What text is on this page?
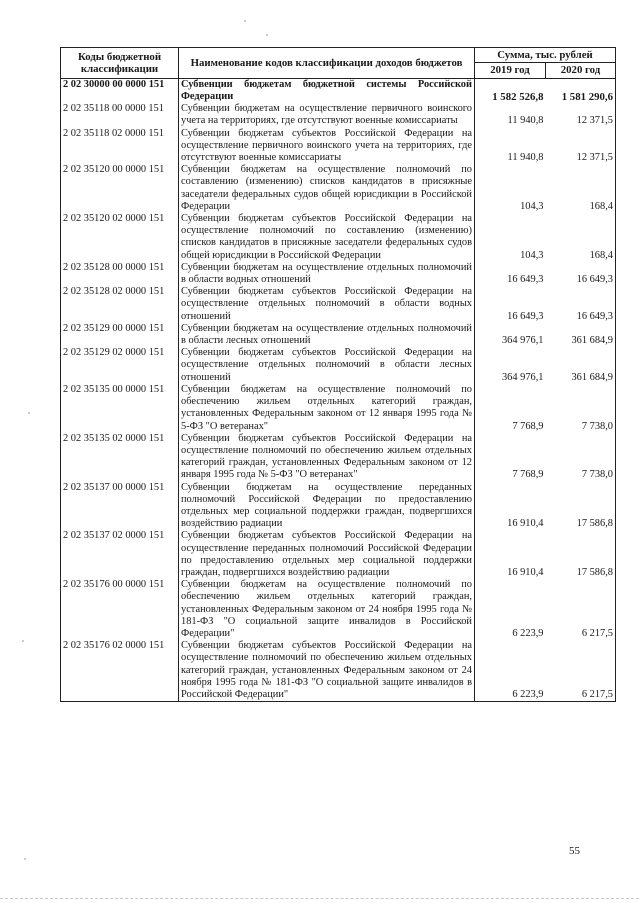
Коды бюджетной классификации	Наименование кодов классификации доходов бюджетов	Сумма, тыс. рублей	
		2019 год	2020 год
2 02 30000 00 0000 151	Субвенции бюджетам бюджетной системы Российской Федерации	1 582 526,8	1 581 290,6
2 02 35118 00 0000 151	Субвенции бюджетам на осуществление первичного воинского учета на территориях, где отсутствуют военные комиссариаты	11 940,8	12 371,5
2 02 35118 02 0000 151	Субвенции бюджетам субъектов Российской Федерации на осуществление первичного воинского учета на территориях, где отсутствуют военные комиссариаты	11 940,8	12 371,5
2 02 35120 00 0000 151	Субвенции бюджетам на осуществление полномочий по составлению (изменению) списков кандидатов в присяжные заседатели федеральных судов общей юрисдикции в Российской Федерации	104,3	168,4
2 02 35120 02 0000 151	Субвенции бюджетам субъектов Российской Федерации на осуществление полномочий по составлению (изменению) списков кандидатов в присяжные заседатели федеральных судов общей юрисдикции в Российской Федерации	104,3	168,4
2 02 35128 00 0000 151	Субвенции бюджетам на осуществление отдельных полномочий в области водных отношений	16 649,3	16 649,3
2 02 35128 02 0000 151	Субвенции бюджетам субъектов Российской Федерации на осуществление отдельных полномочий в области водных отношений	16 649,3	16 649,3
2 02 35129 00 0000 151	Субвенции бюджетам на осуществление отдельных полномочий в области лесных отношений	364 976,1	361 684,9
2 02 35129 02 0000 151	Субвенции бюджетам субъектов Российской Федерации на осуществление отдельных полномочий в области лесных отношений	364 976,1	361 684,9
2 02 35135 00 0000 151	Субвенции бюджетам на осуществление полномочий по обеспечению жильем отдельных категорий граждан, установленных Федеральным законом от 12 января 1995 года № 5-ФЗ "О ветеранах"	7 768,9	7 738,0
2 02 35135 02 0000 151	Субвенции бюджетам субъектов Российской Федерации на осуществление полномочий по обеспечению жильем отдельных категорий граждан, установленных Федеральным законом от 12 января 1995 года № 5-ФЗ "О ветеранах"	7 768,9	7 738,0
2 02 35137 00 0000 151	Субвенции бюджетам на осуществление переданных полномочий Российской Федерации по предоставлению отдельных мер социальной поддержки граждан, подвергшихся воздействию радиации	16 910,4	17 586,8
2 02 35137 02 0000 151	Субвенции бюджетам субъектов Российской Федерации на осуществление переданных полномочий Российской Федерации по предоставлению отдельных мер социальной поддержки граждан, подвергшихся воздействию радиации	16 910,4	17 586,8
2 02 35176 00 0000 151	Субвенции бюджетам на осуществление полномочий по обеспечению жильем отдельных категорий граждан, установленных Федеральным законом от 24 ноября 1995 года № 181-ФЗ "О социальной защите инвалидов в Российской Федерации"	6 223,9	6 217,5
2 02 35176 02 0000 151	Субвенции бюджетам субъектов Российской Федерации на осуществление полномочий по обеспечению жильем отдельных категорий граждан, установленных Федеральным законом от 24 ноября 1995 года № 181-ФЗ "О социальной защите инвалидов в Российской Федерации"	6 223,9	6 217,5
55
